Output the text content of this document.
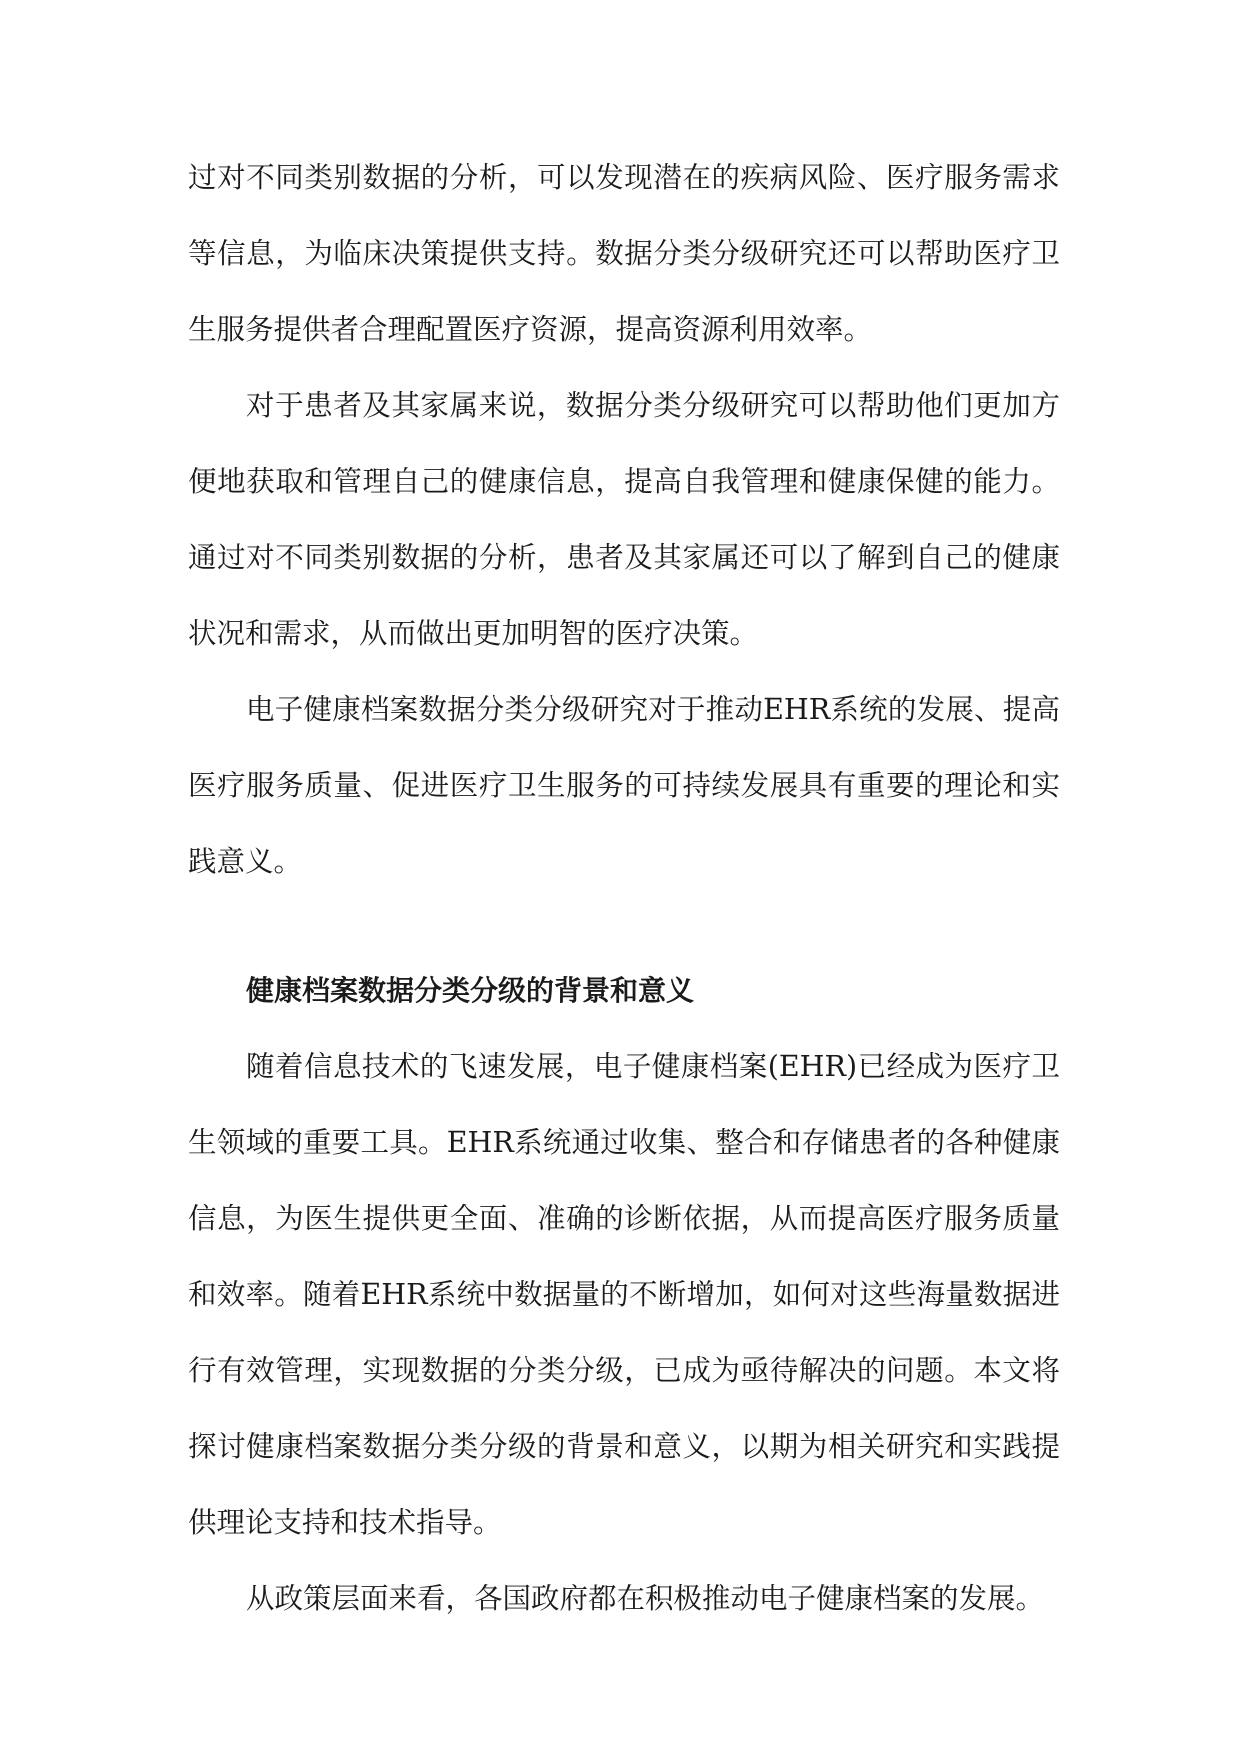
过对不同类别数据的分析，可以发现潜在的疾病风险、医疗服务需求等信息，为临床决策提供支持。数据分类分级研究还可以帮助医疗卫生服务提供者合理配置医疗资源，提高资源利用效率。

对于患者及其家属来说，数据分类分级研究可以帮助他们更加方便地获取和管理自己的健康信息，提高自我管理和健康保健的能力。通过对不同类别数据的分析，患者及其家属还可以了解到自己的健康状况和需求，从而做出更加明智的医疗决策。

电子健康档案数据分类分级研究对于推动EHR系统的发展、提高医疗服务质量、促进医疗卫生服务的可持续发展具有重要的理论和实践意义。

健康档案数据分类分级的背景和意义

随着信息技术的飞速发展，电子健康档案(EHR)已经成为医疗卫生领域的重要工具。EHR系统通过收集、整合和存储患者的各种健康信息，为医生提供更全面、准确的诊断依据，从而提高医疗服务质量和效率。随着EHR系统中数据量的不断增加，如何对这些海量数据进行有效管理，实现数据的分类分级，已成为亟待解决的问题。本文将探讨健康档案数据分类分级的背景和意义，以期为相关研究和实践提供理论支持和技术指导。

从政策层面来看，各国政府都在积极推动电子健康档案的发展。
